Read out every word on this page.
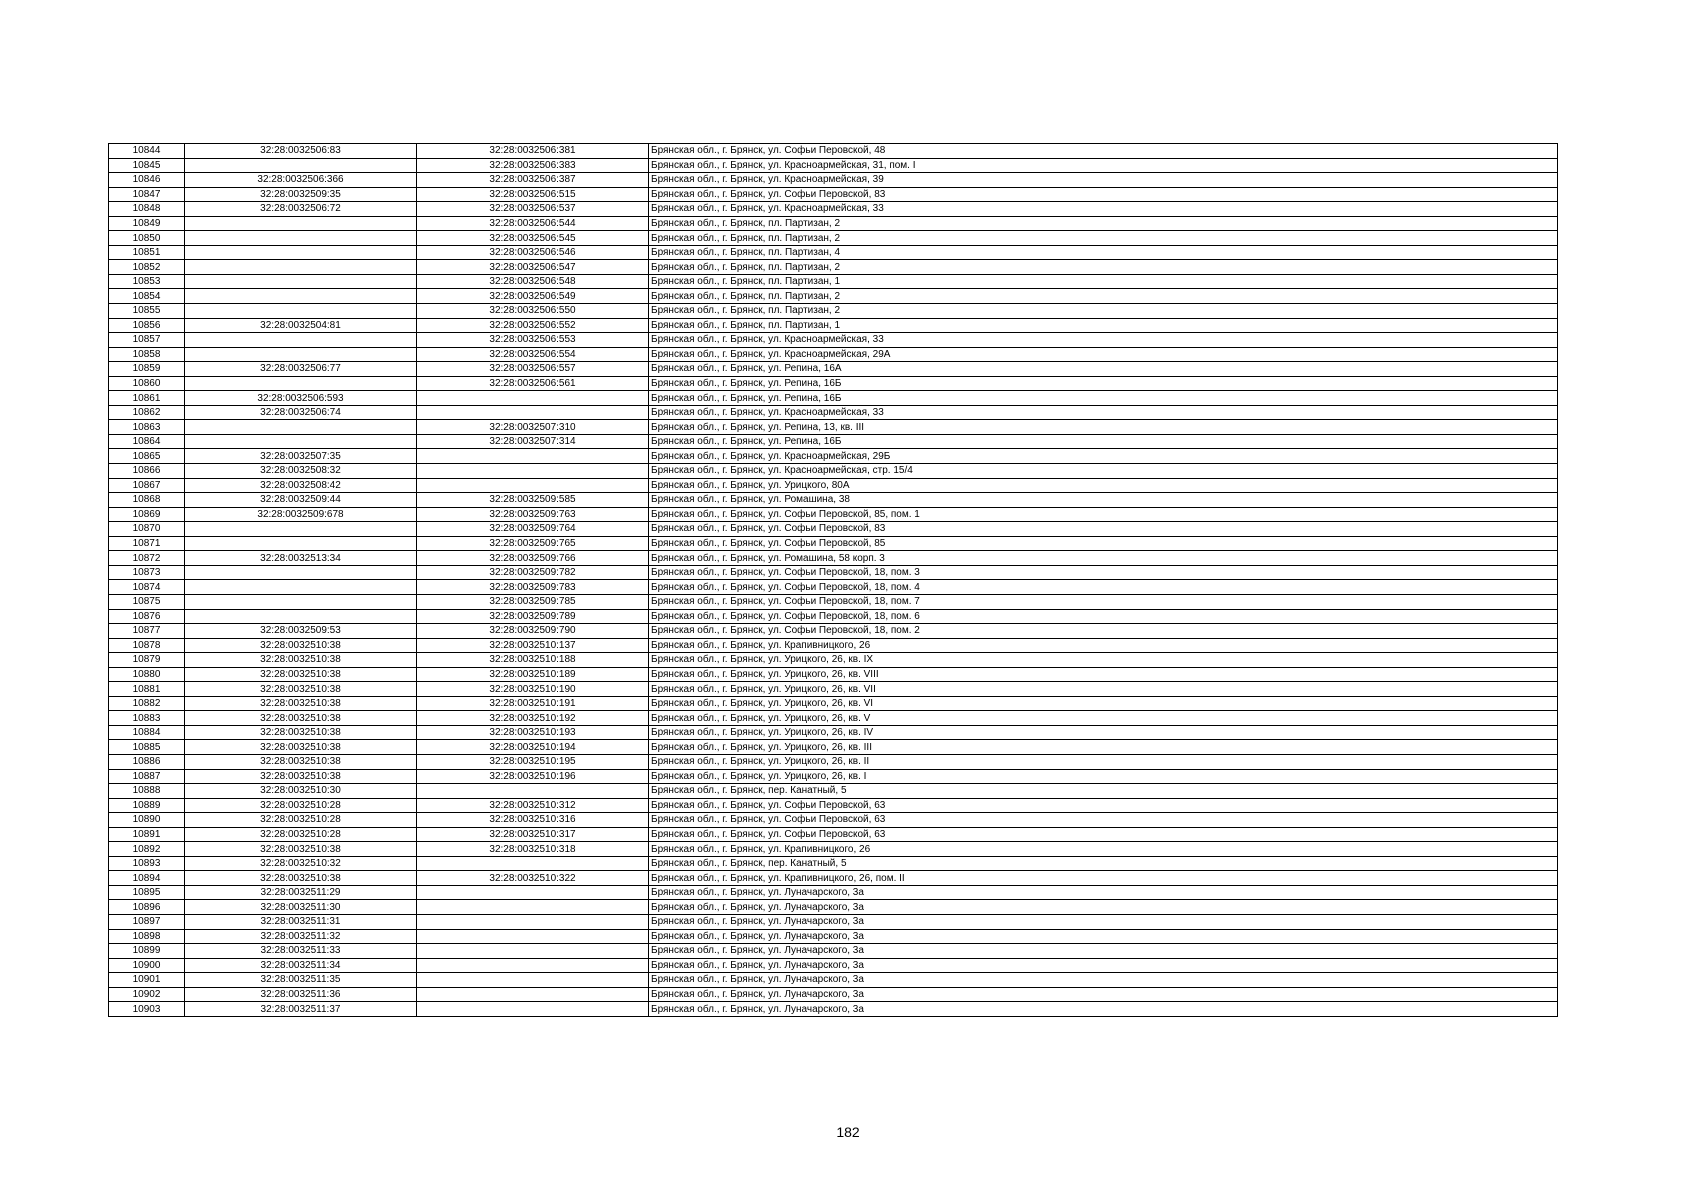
10844	32:28:0032506:83	32:28:0032506:381	Брянская обл., г. Брянск, ул. Софьи Перовской, 48
10845		32:28:0032506:383	Брянская обл., г. Брянск, ул. Красноармейская, 31, пом. I
10846	32:28:0032506:366	32:28:0032506:387	Брянская обл., г. Брянск, ул. Красноармейская, 39
10847	32:28:0032509:35	32:28:0032506:515	Брянская обл., г. Брянск, ул. Софьи Перовской, 83
10848	32:28:0032506:72	32:28:0032506:537	Брянская обл., г. Брянск, ул. Красноармейская, 33
10849		32:28:0032506:544	Брянская обл., г. Брянск, пл. Партизан, 2
10850		32:28:0032506:545	Брянская обл., г. Брянск, пл. Партизан, 2
10851		32:28:0032506:546	Брянская обл., г. Брянск, пл. Партизан, 4
10852		32:28:0032506:547	Брянская обл., г. Брянск, пл. Партизан, 2
10853		32:28:0032506:548	Брянская обл., г. Брянск, пл. Партизан, 1
10854		32:28:0032506:549	Брянская обл., г. Брянск, пл. Партизан, 2
10855		32:28:0032506:550	Брянская обл., г. Брянск, пл. Партизан, 2
10856	32:28:0032504:81	32:28:0032506:552	Брянская обл., г. Брянск, пл. Партизан, 1
10857		32:28:0032506:553	Брянская обл., г. Брянск, ул. Красноармейская, 33
10858		32:28:0032506:554	Брянская обл., г. Брянск, ул. Красноармейская, 29А
10859	32:28:0032506:77	32:28:0032506:557	Брянская обл., г. Брянск, ул. Репина, 16А
10860		32:28:0032506:561	Брянская обл., г. Брянск, ул. Репина, 16Б
10861	32:28:0032506:593		Брянская обл., г. Брянск, ул. Репина, 16Б
10862	32:28:0032506:74		Брянская обл., г. Брянск, ул. Красноармейская, 33
10863		32:28:0032507:310	Брянская обл., г. Брянск, ул. Репина, 13, кв. III
10864		32:28:0032507:314	Брянская обл., г. Брянск, ул. Репина, 16Б
10865	32:28:0032507:35		Брянская обл., г. Брянск, ул. Красноармейская, 29Б
10866	32:28:0032508:32		Брянская обл., г. Брянск, ул. Красноармейская, стр. 15/4
10867	32:28:0032508:42		Брянская обл., г. Брянск, ул. Урицкого, 80А
10868	32:28:0032509:44	32:28:0032509:585	Брянская обл., г. Брянск, ул. Ромашина, 38
10869	32:28:0032509:678	32:28:0032509:763	Брянская обл., г. Брянск, ул. Софьи Перовской, 85, пом. 1
10870		32:28:0032509:764	Брянская обл., г. Брянск, ул. Софьи Перовской, 83
10871		32:28:0032509:765	Брянская обл., г. Брянск, ул. Софьи Перовской, 85
10872	32:28:0032513:34	32:28:0032509:766	Брянская обл., г. Брянск, ул. Ромашина, 58 корп. 3
10873		32:28:0032509:782	Брянская обл., г. Брянск, ул. Софьи Перовской, 18, пом. 3
10874		32:28:0032509:783	Брянская обл., г. Брянск, ул. Софьи Перовской, 18, пом. 4
10875		32:28:0032509:785	Брянская обл., г. Брянск, ул. Софьи Перовской, 18, пом. 7
10876		32:28:0032509:789	Брянская обл., г. Брянск, ул. Софьи Перовской, 18, пом. 6
10877	32:28:0032509:53	32:28:0032509:790	Брянская обл., г. Брянск, ул. Софьи Перовской, 18, пом. 2
10878	32:28:0032510:38	32:28:0032510:137	Брянская обл., г. Брянск, ул. Крапивницкого, 26
10879	32:28:0032510:38	32:28:0032510:188	Брянская обл., г. Брянск, ул. Урицкого, 26, кв. IX
10880	32:28:0032510:38	32:28:0032510:189	Брянская обл., г. Брянск, ул. Урицкого, 26, кв. VIII
10881	32:28:0032510:38	32:28:0032510:190	Брянская обл., г. Брянск, ул. Урицкого, 26, кв. VII
10882	32:28:0032510:38	32:28:0032510:191	Брянская обл., г. Брянск, ул. Урицкого, 26, кв. VI
10883	32:28:0032510:38	32:28:0032510:192	Брянская обл., г. Брянск, ул. Урицкого, 26, кв. V
10884	32:28:0032510:38	32:28:0032510:193	Брянская обл., г. Брянск, ул. Урицкого, 26, кв. IV
10885	32:28:0032510:38	32:28:0032510:194	Брянская обл., г. Брянск, ул. Урицкого, 26, кв. III
10886	32:28:0032510:38	32:28:0032510:195	Брянская обл., г. Брянск, ул. Урицкого, 26, кв. II
10887	32:28:0032510:38	32:28:0032510:196	Брянская обл., г. Брянск, ул. Урицкого, 26, кв. I
10888	32:28:0032510:30		Брянская обл., г. Брянск, пер. Канатный, 5
10889	32:28:0032510:28	32:28:0032510:312	Брянская обл., г. Брянск, ул. Софьи Перовской, 63
10890	32:28:0032510:28	32:28:0032510:316	Брянская обл., г. Брянск, ул. Софьи Перовской, 63
10891	32:28:0032510:28	32:28:0032510:317	Брянская обл., г. Брянск, ул. Софьи Перовской, 63
10892	32:28:0032510:38	32:28:0032510:318	Брянская обл., г. Брянск, ул. Крапивницкого, 26
10893	32:28:0032510:32		Брянская обл., г. Брянск, пер. Канатный, 5
10894	32:28:0032510:38	32:28:0032510:322	Брянская обл., г. Брянск, ул. Крапивницкого, 26, пом. II
10895	32:28:0032511:29		Брянская обл., г. Брянск, ул. Луначарского, 3а
10896	32:28:0032511:30		Брянская обл., г. Брянск, ул. Луначарского, 3а
10897	32:28:0032511:31		Брянская обл., г. Брянск, ул. Луначарского, 3а
10898	32:28:0032511:32		Брянская обл., г. Брянск, ул. Луначарского, 3а
10899	32:28:0032511:33		Брянская обл., г. Брянск, ул. Луначарского, 3а
10900	32:28:0032511:34		Брянская обл., г. Брянск, ул. Луначарского, 3а
10901	32:28:0032511:35		Брянская обл., г. Брянск, ул. Луначарского, 3а
10902	32:28:0032511:36		Брянская обл., г. Брянск, ул. Луначарского, 3а
10903	32:28:0032511:37		Брянская обл., г. Брянск, ул. Луначарского, 3а
182
